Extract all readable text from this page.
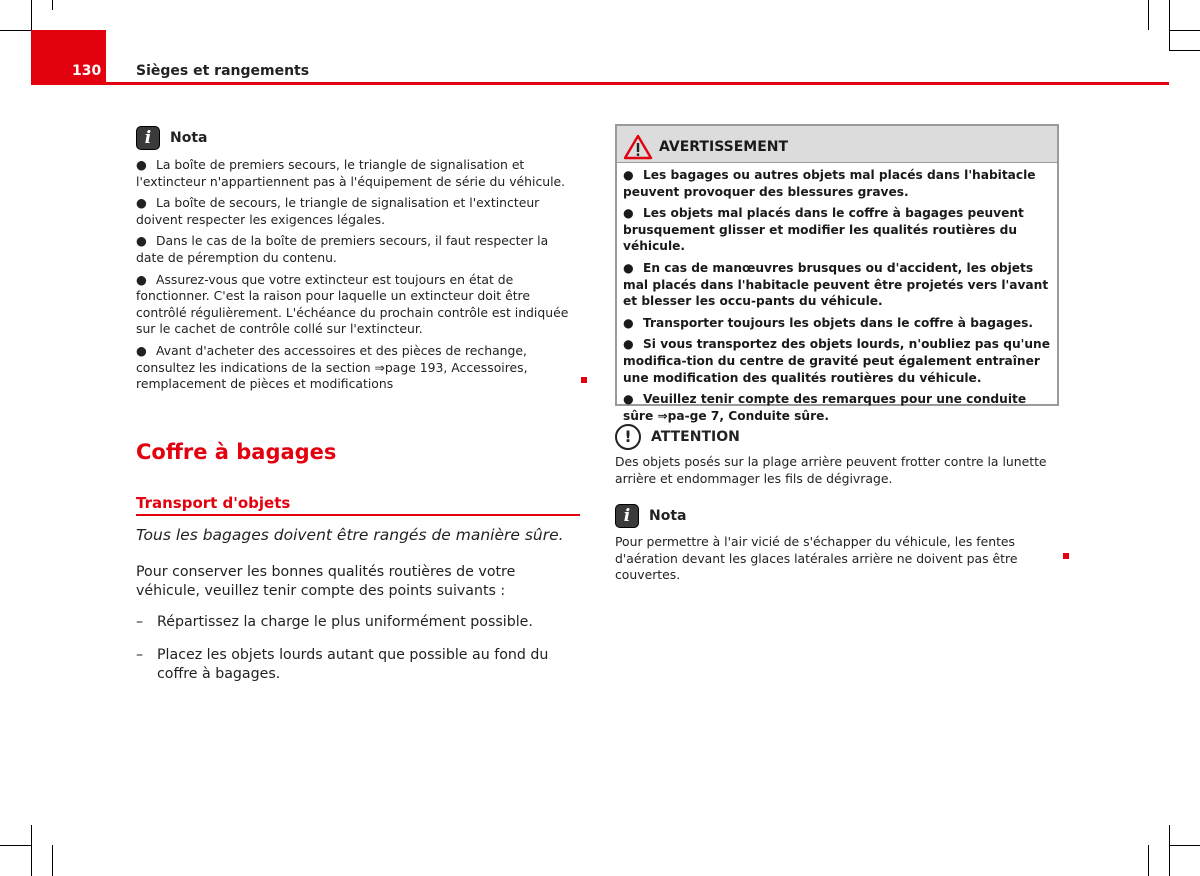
130	Sièges et rangements
i Nota

● La boîte de premiers secours, le triangle de signalisation et l'extincteur n'appartiennent pas à l'équipement de série du véhicule.

● La boîte de secours, le triangle de signalisation et l'extincteur doivent respecter les exigences légales.

● Dans le cas de la boîte de premiers secours, il faut respecter la date de péremption du contenu.

● Assurez-vous que votre extincteur est toujours en état de fonctionner. C'est la raison pour laquelle un extincteur doit être contrôlé régulièrement. L'échéance du prochain contrôle est indiquée sur le cachet de contrôle collé sur l'extincteur.

● Avant d'acheter des accessoires et des pièces de rechange, consultez les indications de la section ⇒page 193, Accessoires, remplacement de pièces et modifications

Coffre à bagages
Transport d'objets
Tous les bagages doivent être rangés de manière sûre.
Pour conserver les bonnes qualités routières de votre véhicule, veuillez tenir compte des points suivants :
– Répartissez la charge le plus uniformément possible.
– Placez les objets lourds autant que possible au fond du coffre à bagages.
AVERTISSEMENT

● Les bagages ou autres objets mal placés dans l'habitacle peuvent provoquer des blessures graves.

● Les objets mal placés dans le coffre à bagages peuvent brusquement glisser et modifier les qualités routières du véhicule.

● En cas de manœuvres brusques ou d'accident, les objets mal placés dans l'habitacle peuvent être projetés vers l'avant et blesser les occu-pants du véhicule.

● Transporter toujours les objets dans le coffre à bagages.

● Si vous transportez des objets lourds, n'oubliez pas qu'une modifica-tion du centre de gravité peut également entraîner une modification des qualités routières du véhicule.

● Veuillez tenir compte des remarques pour une conduite sûre ⇒pa-ge 7, Conduite sûre.

! ATTENTION
Des objets posés sur la plage arrière peuvent frotter contre la lunette arrière et endommager les fils de dégivrage.
i Nota
Pour permettre à l'air vicié de s'échapper du véhicule, les fentes d'aération devant les glaces latérales arrière ne doivent pas être couvertes.
